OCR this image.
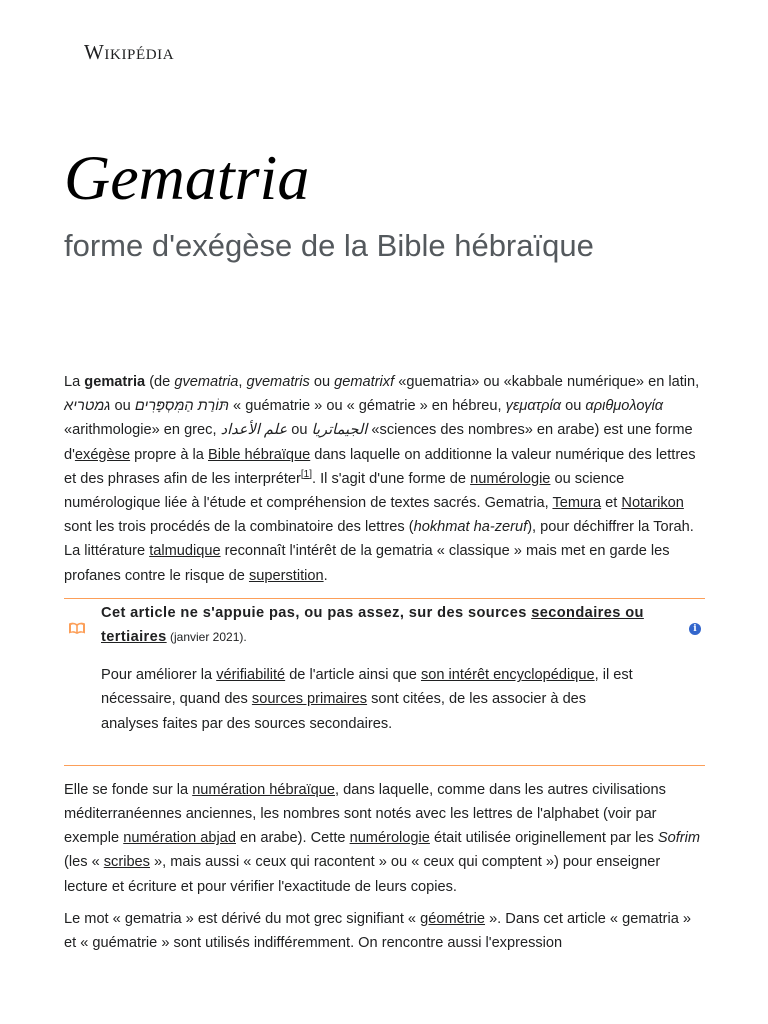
Wikipédia
Gematria
forme d'exégèse de la Bible hébraïque

La gematria (de gvematria, gvematris ou gematrixf «guematria» ou «kabbale numérique» en latin, גמטריא ou תּוֹרַת הַמִּסְפָּרִים « guématrie » ou « gématrie » en hébreu, γεματρία ou αριθμολογία «arithmologie» en grec, علم الأعداد ou الجيماتريا «sciences des nombres» en arabe) est une forme d'exégèse propre à la Bible hébraïque dans laquelle on additionne la valeur numérique des lettres et des phrases afin de les interpréter[1]. Il s'agit d'une forme de numérologie ou science numérologique liée à l'étude et compréhension de textes sacrés. Gematria, Temura et Notarikon sont les trois procédés de la combinatoire des lettres (hokhmat ha-zeruf), pour déchiffrer la Torah. La littérature talmudique reconnaît l'intérêt de la gematria « classique » mais met en garde les profanes contre le risque de superstition.

Cet article ne s'appuie pas, ou pas assez, sur des sources secondaires ou tertiaires (janvier 2021).
Pour améliorer la vérifiabilité de l'article ainsi que son intérêt encyclopédique, il est nécessaire, quand des sources primaires sont citées, de les associer à des analyses faites par des sources secondaires.
i

Elle se fonde sur la numération hébraïque, dans laquelle, comme dans les autres civilisations méditerranéennes anciennes, les nombres sont notés avec les lettres de l'alphabet (voir par exemple numération abjad en arabe). Cette numérologie était utilisée originellement par les Sofrim (les « scribes », mais aussi « ceux qui racontent » ou « ceux qui comptent ») pour enseigner lecture et écriture et pour vérifier l'exactitude de leurs copies.

Le mot « gematria » est dérivé du mot grec signifiant « géométrie ». Dans cet article « gematria » et « guématrie » sont utilisés indifféremment. On rencontre aussi l'expression
